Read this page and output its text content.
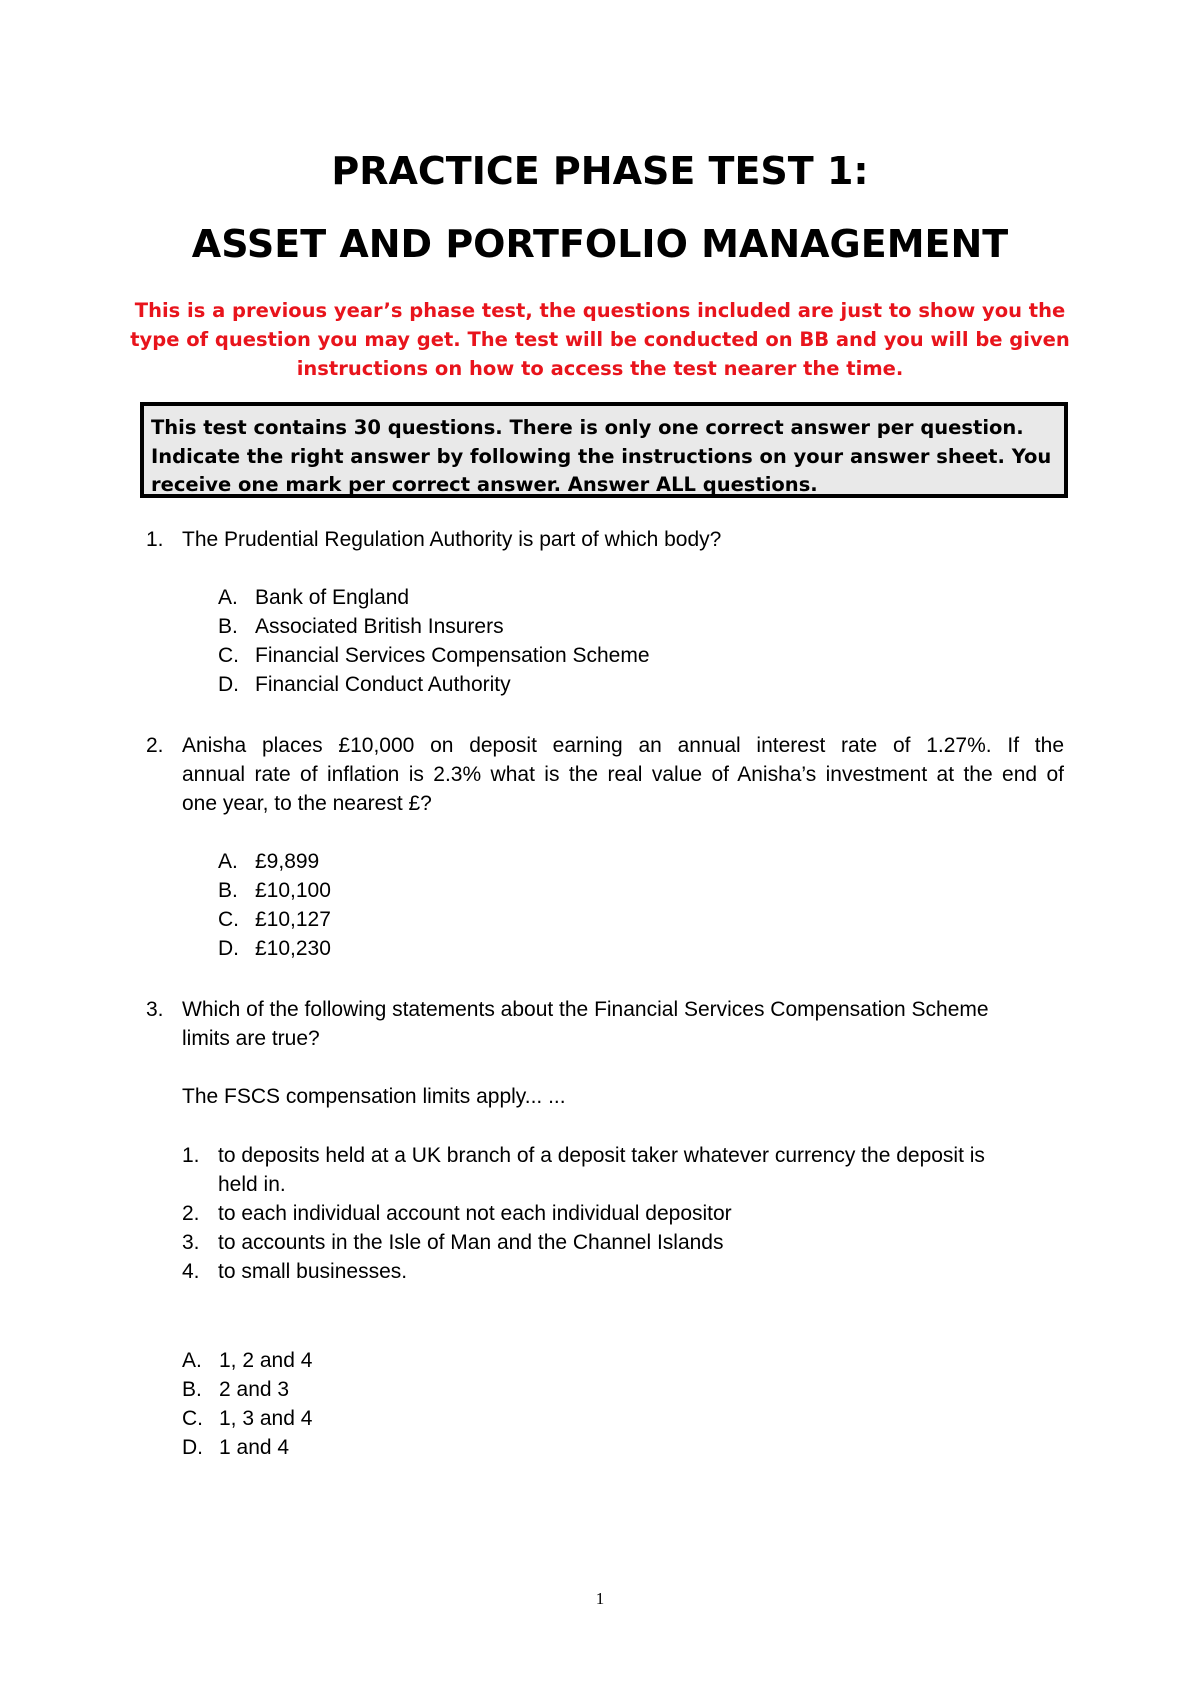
PRACTICE PHASE TEST 1:
ASSET AND PORTFOLIO MANAGEMENT
This is a previous year’s phase test, the questions included are just to show you the
type of question you may get. The test will be conducted on BB and you will be given
instructions on how to access the test nearer the time.
This test contains 30 questions. There is only one correct answer per question.
Indicate the right answer by following the instructions on your answer sheet. You
receive one mark per correct answer. Answer ALL questions.
1. The Prudential Regulation Authority is part of which body?
A. Bank of England
B. Associated British Insurers
C. Financial Services Compensation Scheme
D. Financial Conduct Authority
2. Anisha places £10,000 on deposit earning an annual interest rate of 1.27%. If the
annual rate of inflation is 2.3% what is the real value of Anisha’s investment at the end of
one year, to the nearest £?
A. £9,899
B. £10,100
C. £10,127
D. £10,230
3. Which of the following statements about the Financial Services Compensation Scheme
limits are true?
The FSCS compensation limits apply... ...
1. to deposits held at a UK branch of a deposit taker whatever currency the deposit is held in.
2. to each individual account not each individual depositor
3. to accounts in the Isle of Man and the Channel Islands
4. to small businesses.
A. 1, 2 and 4
B. 2 and 3
C. 1, 3 and 4
D. 1 and 4
1
